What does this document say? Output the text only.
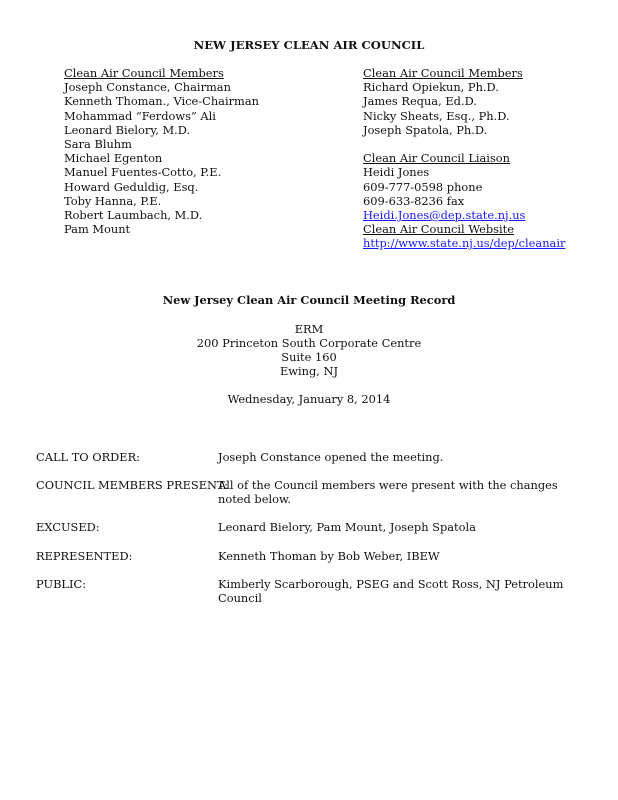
NEW JERSEY CLEAN AIR COUNCIL
Clean Air Council Members
Joseph Constance, Chairman
Kenneth Thoman., Vice-Chairman
Mohammad “Ferdows” Ali
Leonard Bielory, M.D.
Sara Bluhm
Michael Egenton
Manuel Fuentes-Cotto, P.E.
Howard Geduldig, Esq.
Toby Hanna, P.E.
Robert Laumbach, M.D.
Pam Mount
Clean Air Council Members
Richard Opiekun, Ph.D.
James Requa, Ed.D.
Nicky Sheats, Esq., Ph.D.
Joseph Spatola, Ph.D.
Clean Air Council Liaison
Heidi Jones
609-777-0598 phone
609-633-8236 fax
Heidi.Jones@dep.state.nj.us
Clean Air Council Website
http://www.state.nj.us/dep/cleanair
New Jersey Clean Air Council Meeting Record
ERM
200 Princeton South Corporate Centre
Suite 160
Ewing, NJ
Wednesday, January 8, 2014
CALL TO ORDER:	Joseph Constance opened the meeting.
COUNCIL MEMBERS PRESENT:
All of the Council members were present with the changes noted below.
EXCUSED:	Leonard Bielory, Pam Mount, Joseph Spatola
REPRESENTED:	Kenneth Thoman by Bob Weber, IBEW
PUBLIC:	Kimberly Scarborough, PSEG and Scott Ross, NJ Petroleum Council
